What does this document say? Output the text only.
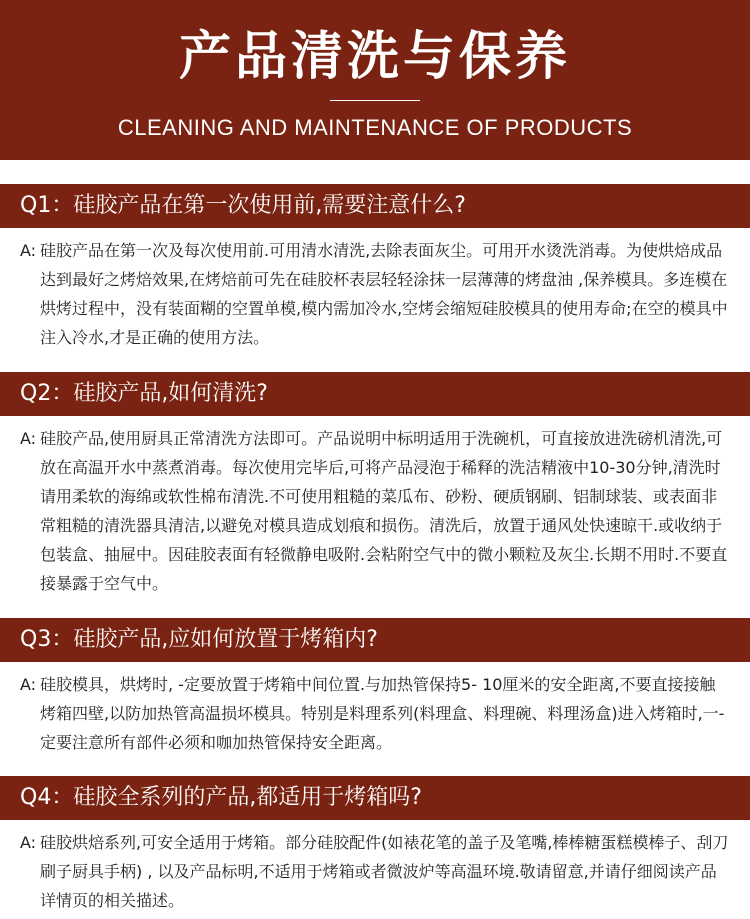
产品清洗与保养
CLEANING AND MAINTENANCE OF PRODUCTS
Q1：硅胶产品在第一次使用前,需要注意什么?
A: 硅胶产品在第一次及每次使用前.可用清水清洗,去除表面灰尘。可用开水烫洗消毒。为使烘焙成品达到最好之烤焙效果,在烤焙前可先在硅胶杯表层轻轻涂抹一层薄薄的烤盘油 ,保养模具。多连模在烘烤过程中，没有装面糊的空置单模,模内需加冷水,空烤会缩短硅胶模具的使用寿命;在空的模具中注入冷水,才是正确的使用方法。
Q2：硅胶产品,如何清洗?
A: 硅胶产品,使用厨具正常清洗方法即可。产品说明中标明适用于洗碗机，可直接放进洗磅机清洗,可放在高温开水中蒸煮消毒。每次使用完毕后,可将产品浸泡于稀释的洗洁精液中10-30分钟,清洗时请用柔软的海绵或软性棉布清洗.不可使用粗糙的菜瓜布、砂粉、硬质钢刷、铝制球装、或表面非常粗糙的清洗器具清洁,以避免对模具造成划痕和损伤。清洗后，放置于通风处快速晾干.或收纳于包装盒、抽屉中。因硅胶表面有轻微静电吸附.会粘附空气中的微小颗粒及灰尘.长期不用时.不要直接暴露于空气中。
Q3：硅胶产品,应如何放置于烤箱内?
A: 硅胶模具，烘烤时, -定要放置于烤箱中间位置.与加热管保持5- 10厘米的安全距离,不要直接接触烤箱四壁,以防加热管高温损坏模具。特别是料理系列(料理盒、料理碗、料理汤盒)进入烤箱时,一-定要注意所有部件必须和咖加热管保持安全距离。
Q4：硅胶全系列的产品,都适用于烤箱吗?
A: 硅胶烘焙系列,可安全适用于烤箱。部分硅胶配件(如裱花笔的盖子及笔嘴,棒棒糖蛋糕模棒子、刮刀刷子厨具手柄) , 以及产品标明,不适用于烤箱或者微波炉等高温环境.敬请留意,并请仔细阅读产品详情页的相关描述。
